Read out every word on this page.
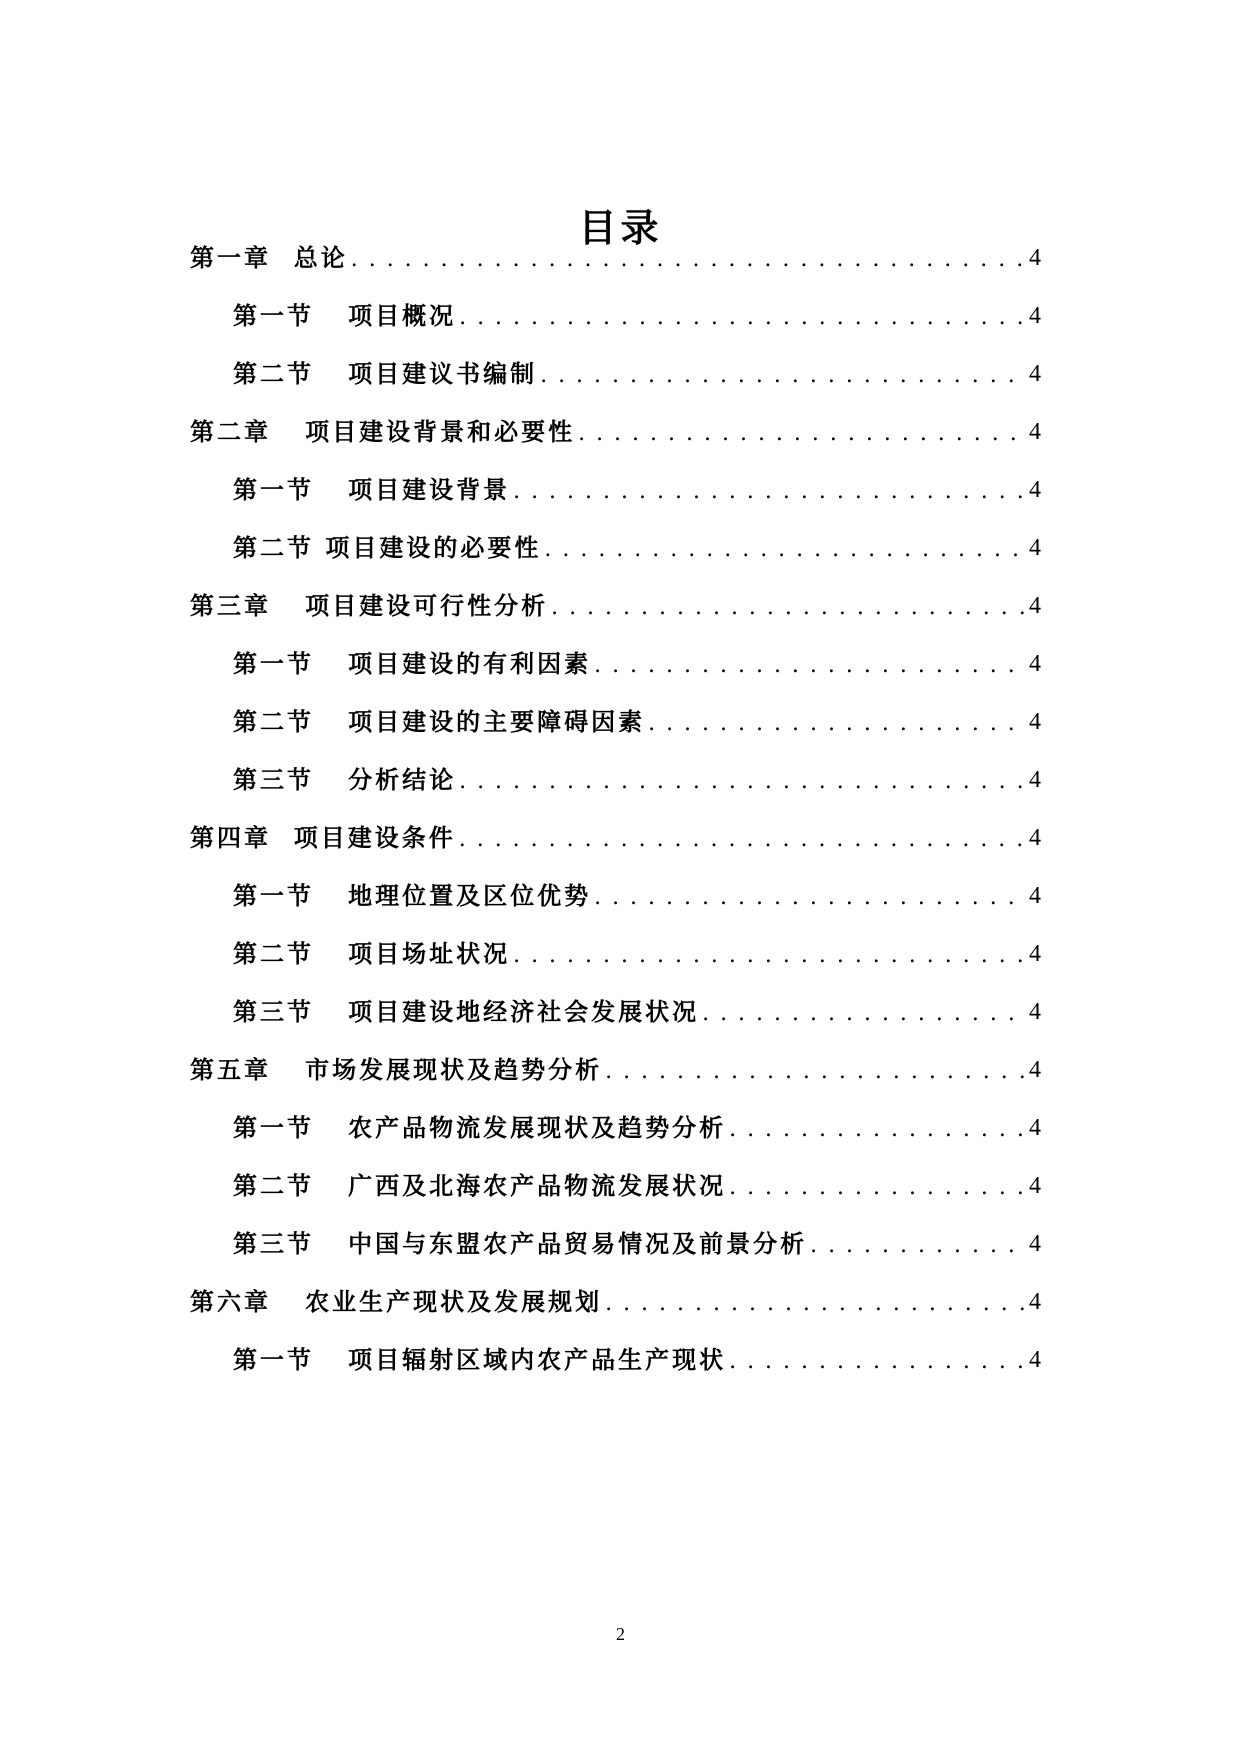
目录
第一章  总论 . . .	4
第一节   项目概况 . . .	4
第二节   项目建议书编制 . . .	4
第二章   项目建设背景和必要性 . . .	4
第一节   项目建设背景 . . .	4
第二节 项目建设的必要性 . . .	4
第三章   项目建设可行性分析 . . .	4
第一节   项目建设的有利因素 . . .	4
第二节   项目建设的主要障碍因素 . . .	4
第三节   分析结论 . . .	4
第四章  项目建设条件 . . .	4
第一节   地理位置及区位优势 . . .	4
第二节   项目场址状况 . . .	4
第三节   项目建设地经济社会发展状况 . . .	4
第五章   市场发展现状及趋势分析 . . .	4
第一节   农产品物流发展现状及趋势分析 . . .	4
第二节   广西及北海农产品物流发展状况 . . .	4
第三节   中国与东盟农产品贸易情况及前景分析 . . .	4
第六章   农业生产现状及发展规划 . . .	4
第一节   项目辐射区域内农产品生产现状 . . .	4
2
